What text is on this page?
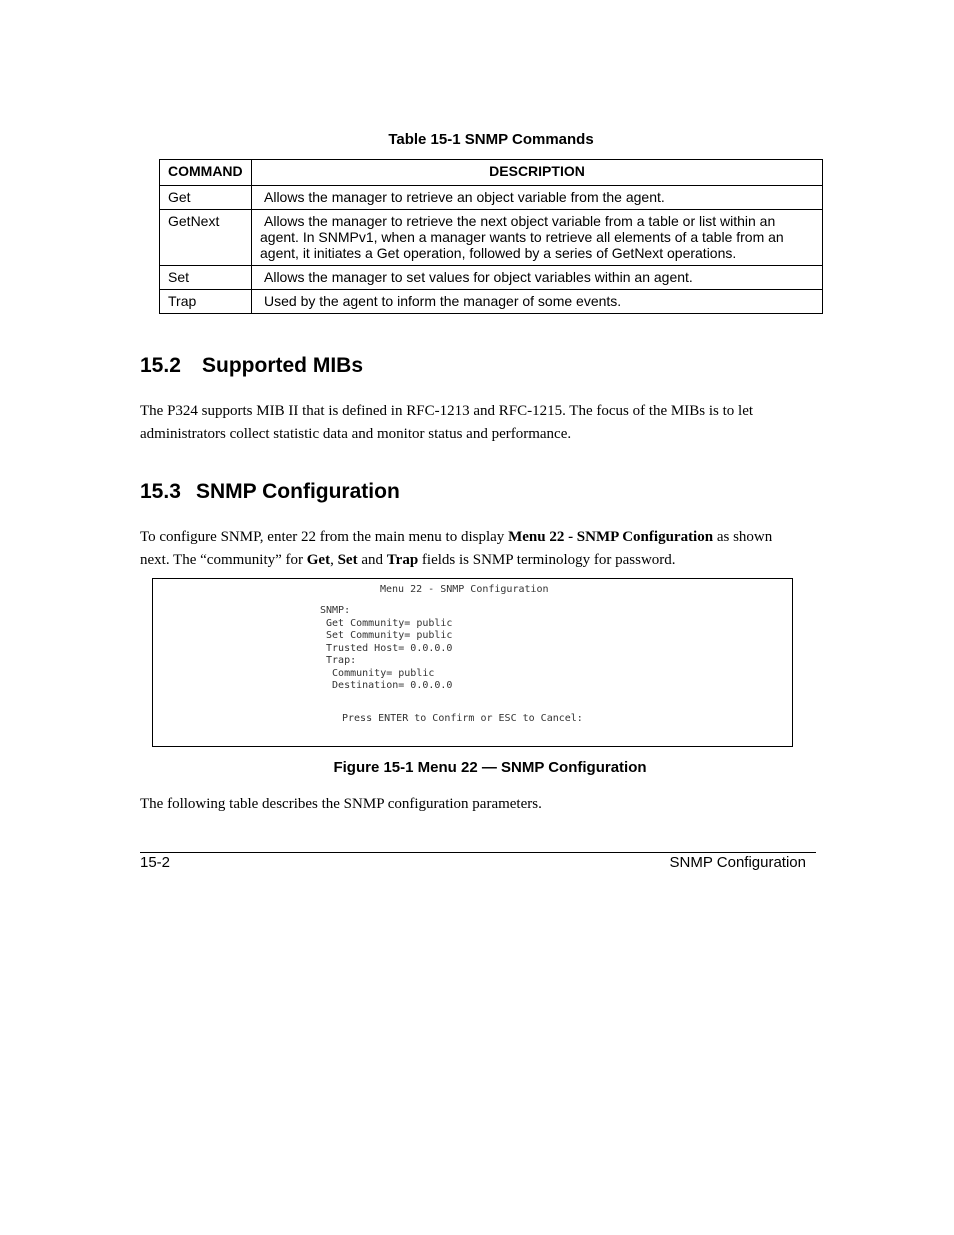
Table 15-1 SNMP Commands
COMMAND	DESCRIPTION
Get	Allows the manager to retrieve an object variable from the agent.

GetNext	Allows the manager to retrieve the next object variable from a table or list within an
agent. In SNMPv1, when a manager wants to retrieve all elements of a table from an
agent, it initiates a Get operation, followed by a series of GetNext operations.

Set	Allows the manager to set values for object variables within an agent.

Trap	Used by the agent to inform the manager of some events.
15.2 Supported MIBs

The P324 supports MIB II that is defined in RFC-1213 and RFC-1215. The focus of the MIBs is to let
administrators collect statistic data and monitor status and performance.

15.3 SNMP Configuration

To configure SNMP, enter 22 from the main menu to display Menu 22 - SNMP Configuration as shown
next. The “community” for Get, Set and Trap fields is SNMP terminology for password.

Menu 22 - SNMP Configuration
SNMP:
Get Community= public
Set Community= public
Trusted Host= 0.0.0.0
Trap:
Community= public
Destination= 0.0.0.0
Press ENTER to Confirm or ESC to Cancel:
Figure 15-1 Menu 22 — SNMP Configuration

The following table describes the SNMP configuration parameters.

15-2	SNMP Configuration
